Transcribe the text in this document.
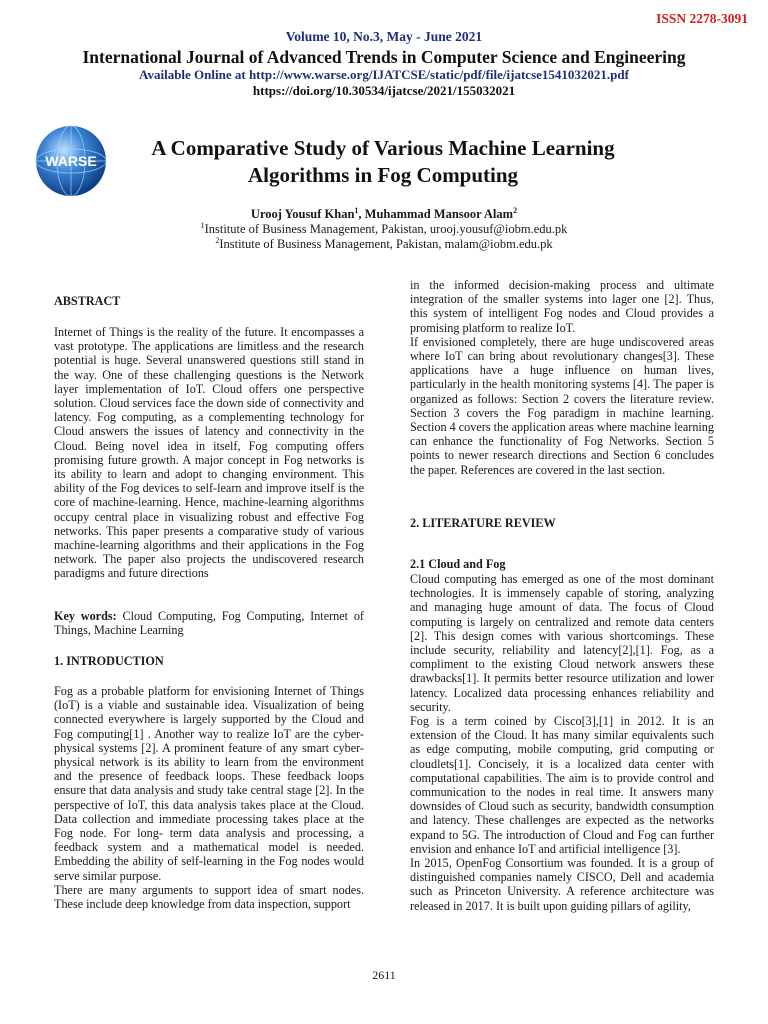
ISSN 2278-3091
Volume 10, No.3, May - June 2021
International Journal of Advanced Trends in Computer Science and Engineering
Available Online at http://www.warse.org/IJATCSE/static/pdf/file/ijatcse1541032021.pdf
https://doi.org/10.30534/ijatcse/2021/155032021
WARSE
A Comparative Study of Various Machine Learning
Algorithms in Fog Computing
Urooj Yousuf Khan$^1$, Muhammad Mansoor Alam$^2$
$^1$Institute of Business Management, Pakistan, urooj.yousuf@iobm.edu.pk
$^2$Institute of Business Management, Pakistan, malam@iobm.edu.pk
ABSTRACT

Internet of Things is the reality of the future. It encompasses a vast prototype. The applications are limitless and the research potential is huge. Several unanswered questions still stand in the way. One of these challenging questions is the Network layer implementation of IoT. Cloud offers one perspective solution. Cloud services face the down side of connectivity and latency. Fog computing, as a complementing technology for Cloud answers the issues of latency and connectivity in the Cloud. Being novel idea in itself, Fog computing offers promising future growth. A major concept in Fog networks is its ability to learn and adopt to changing environment. This ability of the Fog devices to self-learn and improve itself is the core of machine-learning. Hence, machine-learning algorithms occupy central place in visualizing robust and effective Fog networks. This paper presents a comparative study of various machine-learning algorithms and their applications in the Fog network. The paper also projects the undiscovered research paradigms and future directions

Key words: Cloud Computing, Fog Computing, Internet of Things, Machine Learning

1. INTRODUCTION

Fog as a probable platform for envisioning Internet of Things (IoT) is a viable and sustainable idea. Visualization of being connected everywhere is largely supported by the Cloud and Fog computing[1] . Another way to realize IoT are the cyber-physical systems [2]. A prominent feature of any smart cyber-physical network is its ability to learn from the environment and the presence of feedback loops. These feedback loops ensure that data analysis and study take central stage [2]. In the perspective of IoT, this data analysis takes place at the Cloud. Data collection and immediate processing takes place at the Fog node. For long- term data analysis and processing, a feedback system and a mathematical model is needed. Embedding the ability of self-learning in the Fog nodes would serve similar purpose.

There are many arguments to support idea of smart nodes. These include deep knowledge from data inspection, support

in the informed decision-making process and ultimate integration of the smaller systems into lager one [2]. Thus, this system of intelligent Fog nodes and Cloud provides a promising platform to realize IoT.

If envisioned completely, there are huge undiscovered areas where IoT can bring about revolutionary changes[3]. These applications have a huge influence on human lives, particularly in the health monitoring systems [4]. The paper is organized as follows: Section 2 covers the literature review. Section 3 covers the Fog paradigm in machine learning. Section 4 covers the application areas where machine learning can enhance the functionality of Fog Networks. Section 5 points to newer research directions and Section 6 concludes the paper. References are covered in the last section.

2. LITERATURE REVIEW
2.1 Cloud and Fog

Cloud computing has emerged as one of the most dominant technologies. It is immensely capable of storing, analyzing and managing huge amount of data. The focus of Cloud computing is largely on centralized and remote data centers [2]. This design comes with various shortcomings. These include security, reliability and latency[2],[1]. Fog, as a compliment to the existing Cloud network answers these drawbacks[1]. It permits better resource utilization and lower latency. Localized data processing enhances reliability and security.

Fog is a term coined by Cisco[3],[1] in 2012. It is an extension of the Cloud. It has many similar equivalents such as edge computing, mobile computing, grid computing or cloudlets[1]. Concisely, it is a localized data center with computational capabilities. The aim is to provide control and communication to the nodes in real time. It answers many downsides of Cloud such as security, bandwidth consumption and latency. These challenges are expected as the networks expand to 5G. The introduction of Cloud and Fog can further envision and enhance IoT and artificial intelligence [3].

In 2015, OpenFog Consortium was founded. It is a group of distinguished companies namely CISCO, Dell and academia such as Princeton University. A reference architecture was released in 2017. It is built upon guiding pillars of agility,

2611
